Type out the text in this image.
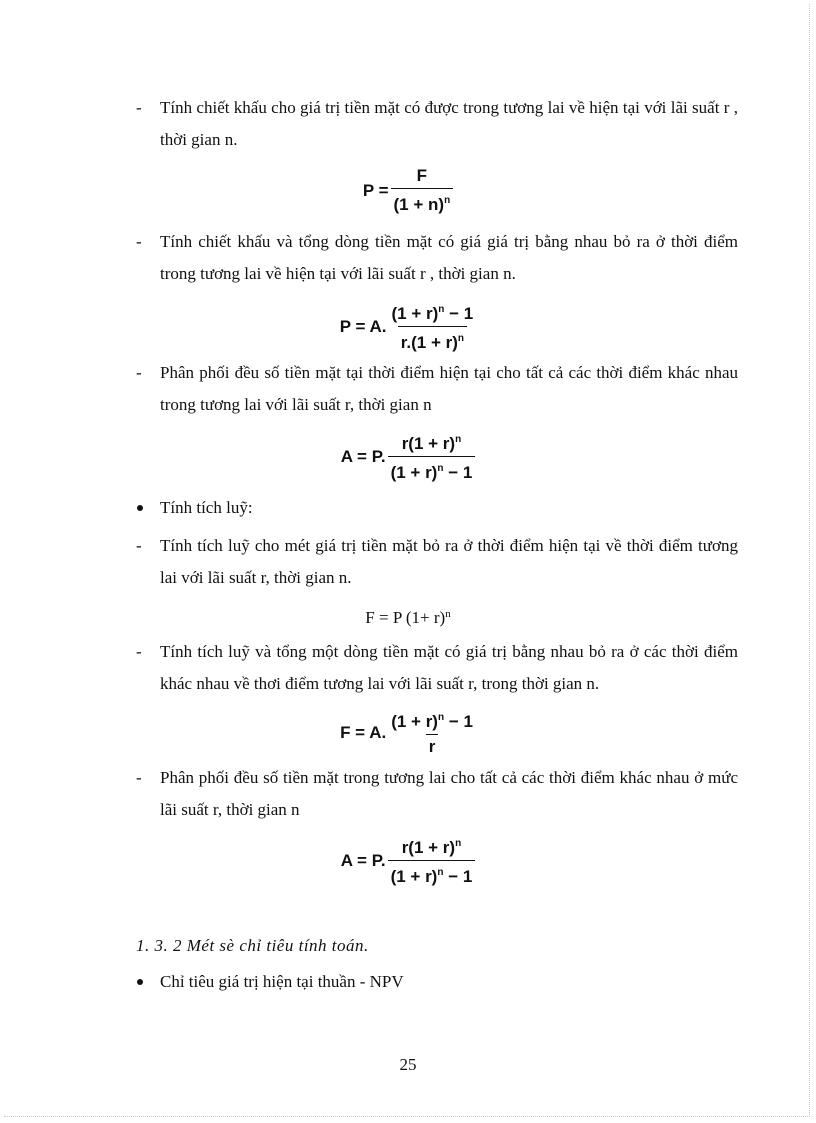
- Tính chiết khấu cho giá trị tiền mặt có được trong tương lai về hiện tại với lãi suất r , thời gian n.
$P = \frac{F}{(1 + n)^n}$
- Tính chiết khấu và tổng dòng tiền mặt có giá giá trị bằng nhau bỏ ra ở thời điểm trong tương lai về hiện tại với lãi suất r , thời gian n.
P = A. $\frac{(1 + r)^n - 1}{r.(1 + r)^n}$
- Phân phối đều số tiền mặt tại thời điểm hiện tại cho tất cả các thời điểm khác nhau trong tương lai với lãi suất r, thời gian n
A = P. $\frac{r(1 + r)^n}{(1 + r)^n - 1}$
Tính tích luỹ:
- Tính tích luỹ cho mét giá trị tiền mặt bỏ ra ở thời điểm hiện tại về thời điểm tương lai với lãi suất r, thời gian n.
F = P $(1+ r)^n$
- Tính tích luỹ và tổng một dòng tiền mặt có giá trị bằng nhau bỏ ra ở các thời điểm khác nhau về thơi điểm tương lai với lãi suất r, trong thời gian n.
F = A. $\frac{(1 + r)^n - 1}{r}$
- Phân phối đều số tiền mặt trong tương lai cho tất cả các thời điểm khác nhau ở mức lãi suất r, thời gian n
A = P. $\frac{r(1 + r)^n}{(1 + r)^n - 1}$
1. 3. 2 Mét sè chỉ tiêu tính toán.
Chỉ tiêu giá trị hiện tại thuần - NPV
25
